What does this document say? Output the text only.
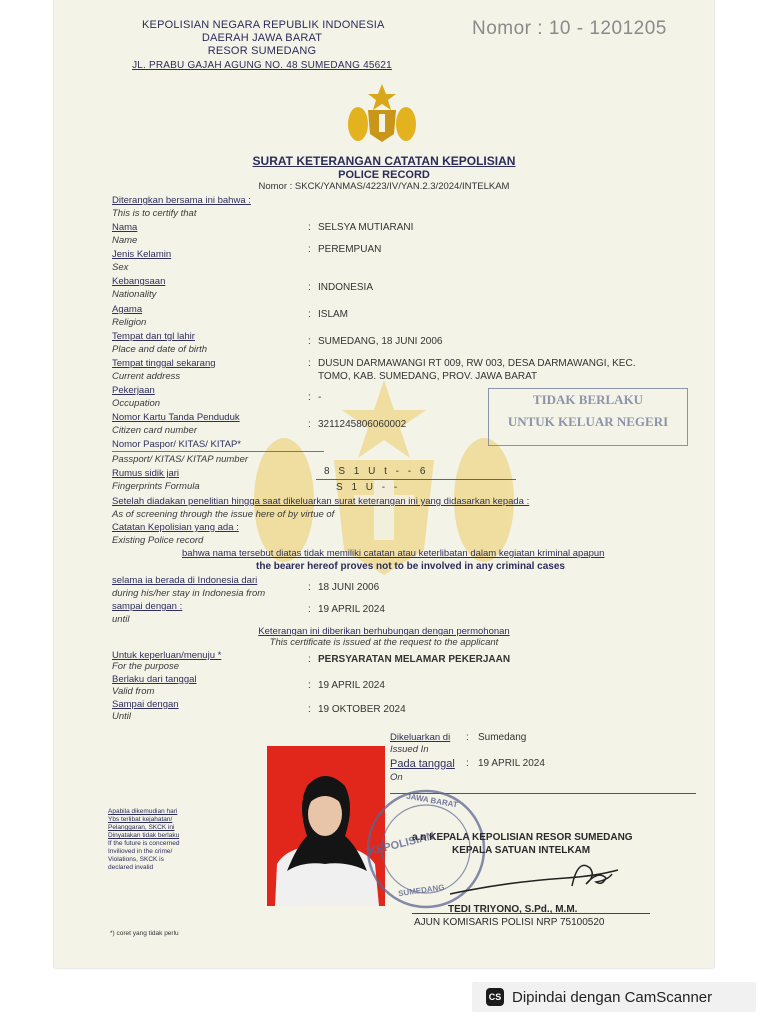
KEPOLISIAN NEGARA REPUBLIK INDONESIA
DAERAH JAWA BARAT
RESOR SUMEDANG
JL. PRABU GAJAH AGUNG NO. 48 SUMEDANG 45621
Nomor : 10 - 1201205
SURAT KETERANGAN CATATAN KEPOLISIAN
POLICE RECORD
Nomor : SKCK/YANMAS/4223/IV/YAN.2.3/2024/INTELKAM
Diterangkan bersama ini bahwa :
This is to certify that
Nama
Name
: SELSYA MUTIARANI
Jenis Kelamin
Sex
: PEREMPUAN
Kebangsaan
Nationality
: INDONESIA
Agama
Religion
: ISLAM
Tempat dan tgl lahir
Place and date of birth
: SUMEDANG, 18 JUNI 2006
Tempat tinggal sekarang
Current address
: DUSUN DARMAWANGI RT 009, RW 003, DESA DARMAWANGI, KEC.
TOMO, KAB. SUMEDANG, PROV. JAWA BARAT
Pekerjaan
Occupation
: -
Nomor Kartu Tanda Penduduk
Citizen card number
: 3211245806060002
Nomor Paspor/ KITAS/ KITAP*
Passport/ KITAS/ KITAP number
Rumus sidik jari
Fingerprints Formula
8 S 1 U t - - 6
S 1 U - -
TIDAK BERLAKU
UNTUK KELUAR NEGERI
Setelah diadakan penelitian hingga saat dikeluarkan surat keterangan ini yang didasarkan kepada :
As of screening through the issue here of by virtue of
Catatan Kepolisian yang ada :
Existing Police record
bahwa nama tersebut diatas tidak memiliki catatan atau keterlibatan dalam kegiatan kriminal apapun
the bearer hereof proves not to be involved in any criminal cases
selama ia berada di Indonesia dari
during his/her stay in Indonesia from
: 18 JUNI 2006
sampai dengan :
until
: 19 APRIL 2024
Keterangan ini diberikan berhubungan dengan permohonan
This certificate is issued at the request to the applicant
Untuk keperluan/menuju *
For the purpose
: PERSYARATAN MELAMAR PEKERJAAN
Berlaku dari tanggal
Valid from
: 19 APRIL 2024
Sampai dengan
Until
: 19 OKTOBER 2024
Dikeluarkan di
Issued In
: Sumedang
Pada tanggal
On
: 19 APRIL 2024
Apabila dikemudian hari
Ybs terlibat kejahatan/
Pelanggaran, SKCK ini
Dinyatakan tidak berlaku
If the future is concerned
Invilioved in the crime/
Violations, SKCK is
declared invalid
JAWA BARAT
KEPOLISIAN
SUMEDANG
a.n KEPALA KEPOLISIAN RESOR SUMEDANG
KEPALA SATUAN INTELKAM
TEDI TRIYONO, S.Pd., M.M.
AJUN KOMISARIS POLISI NRP 75100520
*) coret yang tidak perlu
CS Dipindai dengan CamScanner
